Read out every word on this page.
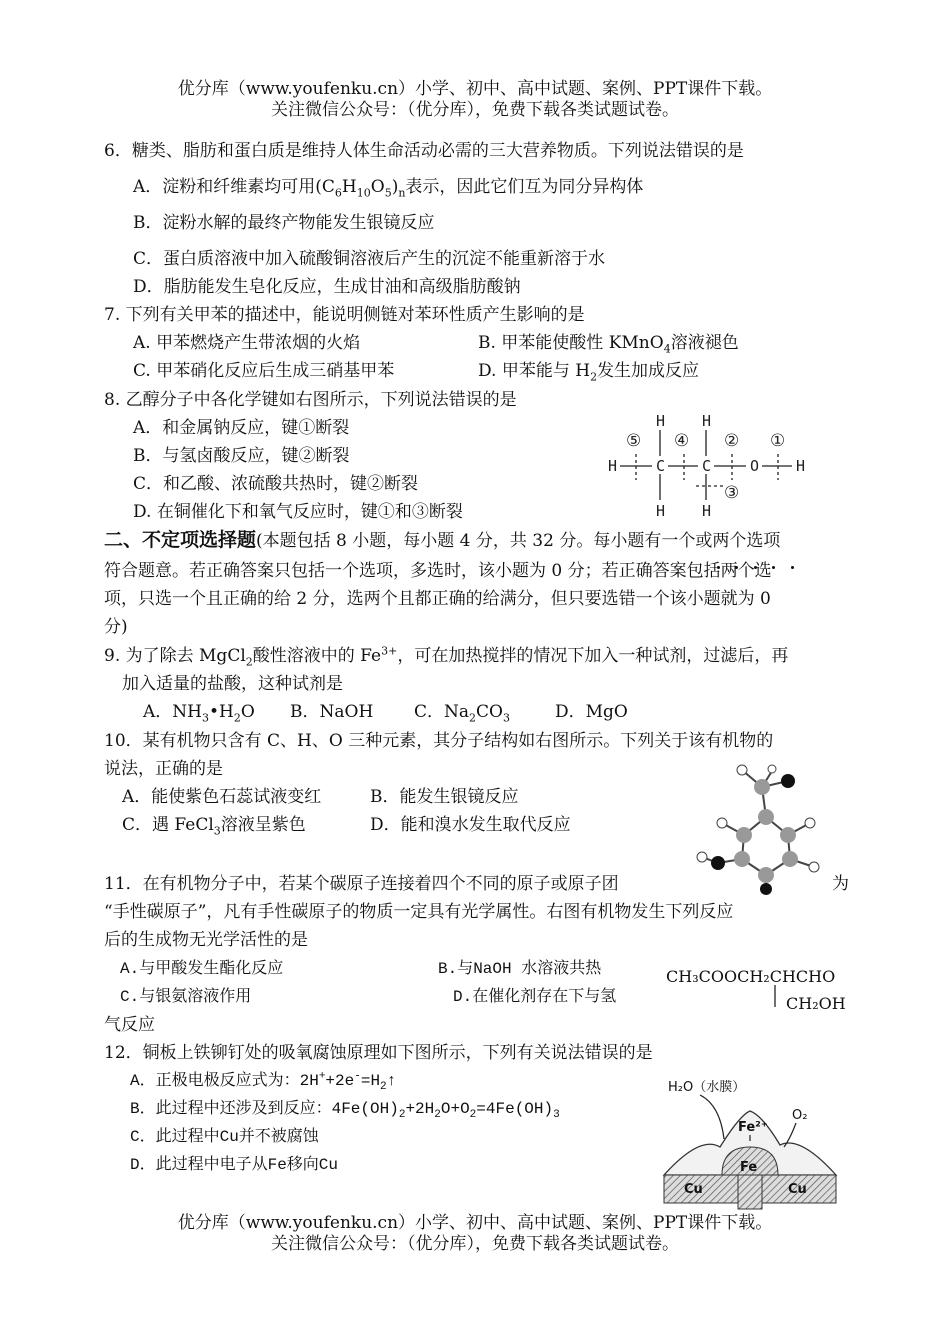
优分库（www.youfenku.cn）小学、初中、高中试题、案例、PPT课件下载。
关注微信公众号：（优分库），免费下载各类试题试卷。
6．糖类、脂肪和蛋白质是维持人体生命活动必需的三大营养物质。下列说法错误的是
A．淀粉和纤维素均可用$(C_6H_{10}O_5)_n$表示，因此它们互为同分异构体
B．淀粉水解的最终产物能发生银镜反应
C．蛋白质溶液中加入硫酸铜溶液后产生的沉淀不能重新溶于水
D．脂肪能发生皂化反应，生成甘油和高级脂肪酸钠
7. 下列有关甲苯的描述中，能说明侧链对苯环性质产生影响的是
A. 甲苯燃烧产生带浓烟的火焰	B. 甲苯能使酸性 KMnO$_4$溶液褪色
C. 甲苯硝化反应后生成三硝基甲苯	D. 甲苯能与 $H_2$发生加成反应
8. 乙醇分子中各化学键如右图所示，下列说法错误的是
A．和金属钠反应，键①断裂
B．与氢卤酸反应，键②断裂
C．和乙酸、浓硫酸共热时，键②断裂
D. 在铜催化下和氧气反应时，键①和③断裂
H H
H	C C	O H
H H
⑤ ④ ② ①
③
二、不定项选择题(本题包括 8 小题，每小题 4 分，共 32 分。每小题有一个或两个选项
符合题意。若正确答案只包括一个选项，多选时，该小题为 0 分；若正确答案包括两个选
项，只选一个且正确的给 2 分，选两个且都正确的给满分，但只要选错一个该小题就为 0
分)
9. 为了除去 MgCl$_2$酸性溶液中的 $Fe^{3+}$，可在加热搅拌的情况下加入一种试剂，过滤后，再
加入适量的盐酸，这种试剂是
A．$NH_3•H_2O$ B．NaOH C．$Na_2CO_3$	D．MgO
10．某有机物只含有 C、H、O 三种元素，其分子结构如右图所示。下列关于该有机物的
说法，正确的是
A．能使紫色石蕊试液变红	B．能发生银镜反应
C．遇 FeCl$_3$溶液呈紫色	D．能和溴水发生取代反应
11．在有机物分子中，若某个碳原子连接着四个不同的原子或原子团	为
“手性碳原子”，凡有手性碳原子的物质一定具有光学属性。右图有机物发生下列反应
后的生成物无光学活性的是
A.与甲酸发生酯化反应	B.与NaOH 水溶液共热
C.与银氨溶液作用	D.在催化剂存在下与氢
气反应
CH₃COOCH₂CHCHO
CH₂OH
12．铜板上铁铆钉处的吸氧腐蚀原理如下图所示，下列有关说法错误的是
A．正极电极反应式为：$2H^++2e^-=H_2↑$
B．此过程中还涉及到反应：$4Fe(OH)_2+2H_2O+O_2=4Fe(OH)_3$
C．此过程中Cu并不被腐蚀
D．此过程中电子从Fe移向Cu
H₂O（水膜）
Fe²⁺
O₂
Fe
Cu	Cu
优分库（www.youfenku.cn）小学、初中、高中试题、案例、PPT课件下载。
关注微信公众号：（优分库），免费下载各类试题试卷。
